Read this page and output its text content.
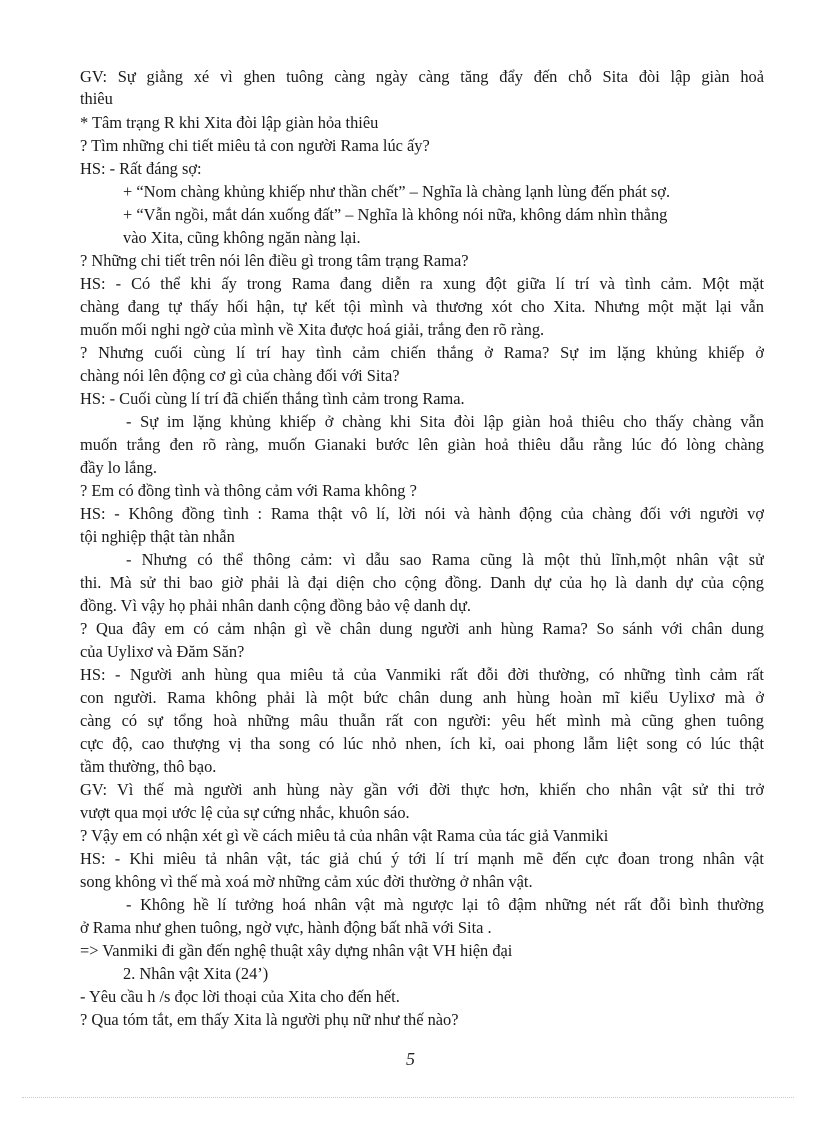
GV: Sự giằng xé vì ghen tuông càng ngày càng tăng đẩy đến chỗ Sita đòi lập giàn hoả
thiêu
* Tâm trạng R khi Xita đòi lập giàn hỏa thiêu
? Tìm những chi tiết miêu tả con người Rama lúc ấy?
HS: - Rất đáng sợ:
+ “Nom chàng khủng khiếp như thần chết” – Nghĩa là chàng lạnh lùng đến phát sợ.
+ “Vẫn ngồi, mắt dán xuống đất” – Nghĩa là không nói nữa, không dám nhìn thẳng
vào Xita, cũng không ngăn nàng lại.
? Những chi tiết trên nói lên điều gì trong tâm trạng Rama?
HS: - Có thể khi ấy trong Rama đang diễn ra xung đột giữa lí trí và tình cảm. Một mặt
chàng đang tự thấy hối hận, tự kết tội mình và thương xót cho Xita. Nhưng một mặt lại vẫn
muốn mối nghi ngờ của mình về Xita được hoá giải, trắng đen rõ ràng.
? Nhưng cuối cùng lí trí hay tình cảm chiến thắng ở Rama? Sự im lặng khủng khiếp ở
chàng nói lên động cơ gì của chàng đối với Sita?
HS: - Cuối cùng lí trí đã chiến thắng tình cảm trong Rama.
- Sự im lặng khủng khiếp ở chàng khi Sita đòi lập giàn hoả thiêu cho thấy chàng vẫn
muốn trắng đen rõ ràng, muốn Gianaki bước lên giàn hoả thiêu dẫu rằng lúc đó lòng chàng
đầy lo lắng.
? Em có đồng tình và thông cảm với Rama không ?
HS: - Không đồng tình : Rama thật vô lí, lời nói và hành động của chàng đối với người vợ
tội nghiệp thật tàn nhẫn
- Nhưng có thể thông cảm: vì dẫu sao Rama cũng là một thủ lĩnh,một nhân vật sử
thi. Mà sử thi bao giờ phải là đại diện cho cộng đồng. Danh dự của họ là danh dự của cộng
đồng. Vì vậy họ phải nhân danh cộng đồng bảo vệ danh dự.
? Qua đây em có cảm nhận gì về chân dung người anh hùng Rama? So sánh với chân dung
của Uylixơ và Đăm Săn?
HS: - Người anh hùng qua miêu tả của Vanmiki rất đỗi đời thường, có những tình cảm rất
con người. Rama không phải là một bức chân dung anh hùng hoàn mĩ kiểu Uylixơ mà ở
càng có sự tổng hoà những mâu thuẫn rất con người: yêu hết mình mà cũng ghen tuông
cực độ, cao thượng vị tha song có lúc nhỏ nhen, ích kỉ, oai phong lẫm liệt song có lúc thật
tầm thường, thô bạo.
GV: Vì thế mà người anh hùng này gần với đời thực hơn, khiến cho nhân vật sử thi trở
vượt qua mọi ước lệ của sự cứng nhắc, khuôn sáo.
? Vậy em có nhận xét gì về cách miêu tả của nhân vật Rama của tác giả Vanmiki
HS: - Khi miêu tả nhân vật, tác giả chú ý tới lí trí mạnh mẽ đến cực đoan trong nhân vật
song không vì thế mà xoá mờ những cảm xúc đời thường ở nhân vật.
- Không hề lí tưởng hoá nhân vật mà ngược lại tô đậm những nét rất đỗi bình thường
ở Rama như ghen tuông, ngờ vực, hành động bất nhã với Sita .
=> Vanmiki đi gần đến nghệ thuật xây dựng nhân vật VH hiện đại
2. Nhân vật Xita (24’)
- Yêu cầu h /s đọc lời thoại của Xita cho đến hết.
? Qua tóm tắt, em thấy Xita là người phụ nữ như thế nào?
5
